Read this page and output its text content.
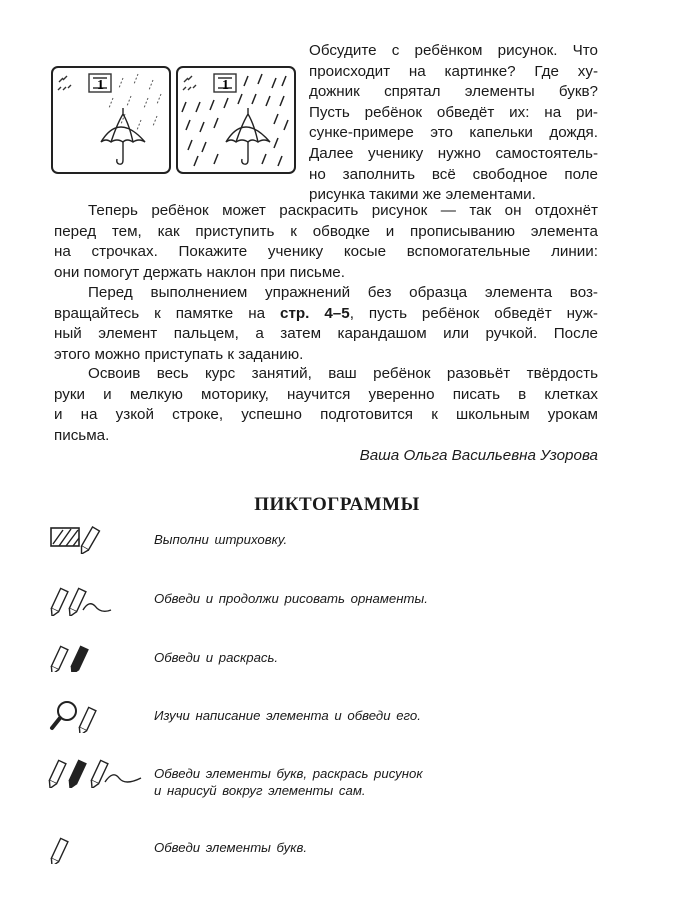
1	1
Обсудите с ребёнком рисунок. Что
происходит на картинке? Где ху-
дожник спрятал элементы букв?
Пусть ребёнок обведёт их: на ри-
сунке-примере это капельки дождя.
Далее ученику нужно самостоятель-
но заполнить всё свободное поле
рисунка такими же элементами.
Теперь ребёнок может раскрасить рисунок — так он отдохнёт
перед тем, как приступить к обводке и прописыванию элемента
на строчках. Покажите ученику косые вспомогательные линии:
они помогут держать наклон при письме.
Перед выполнением упражнений без образца элемента воз-
вращайтесь к памятке на стр. 4–5, пусть ребёнок обведёт нуж-
ный элемент пальцем, а затем карандашом или ручкой. После
этого можно приступать к заданию.
Освоив весь курс занятий, ваш ребёнок разовьёт твёрдость
руки и мелкую моторику, научится уверенно писать в клетках
и на узкой строке, успешно подготовится к школьным урокам
письма.
Ваша Ольга Васильевна Узорова
ПИКТОГРАММЫ
Выполни штриховку.
Обведи и продолжи рисовать орнаменты.
Обведи и раскрась.
Изучи написание элемента и обведи его.
Обведи элементы букв, раскрась рисунок
и нарисуй вокруг элементы сам.
Обведи элементы букв.
